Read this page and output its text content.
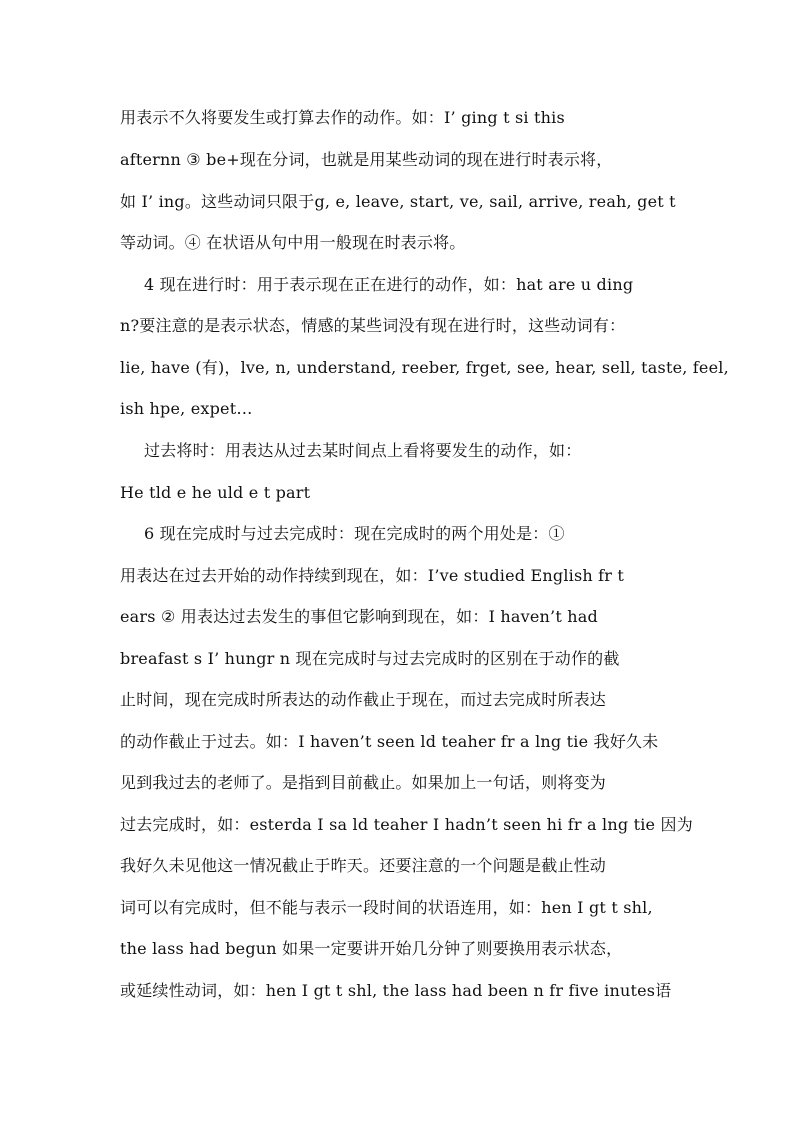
用表示不久将要发生或打算去作的动作。如：I’ ging t si this
afternn ③ be+现在分词，也就是用某些动词的现在进行时表示将，
如 I’ ing。这些动词只限于g, e, leave, start, ve, sail, arrive, reah, get t
等动词。④ 在状语从句中用一般现在时表示将。
4 现在进行时：用于表示现在正在进行的动作，如：hat are u ding
n?要注意的是表示状态，情感的某些词没有现在进行时，这些动词有：
lie, have (有)，lve, n, understand, reeber, frget, see, hear, sell, taste, feel,
ish hpe, expet…
过去将时：用表达从过去某时间点上看将要发生的动作，如：
He tld e he uld e t part
6 现在完成时与过去完成时：现在完成时的两个用处是：①
用表达在过去开始的动作持续到现在，如：I’ve studied English fr t
ears ② 用表达过去发生的事但它影响到现在，如：I haven’t had
breafast s I’ hungr n 现在完成时与过去完成时的区别在于动作的截
止时间，现在完成时所表达的动作截止于现在，而过去完成时所表达
的动作截止于过去。如：I haven’t seen ld teaher fr a lng tie 我好久未
见到我过去的老师了。是指到目前截止。如果加上一句话，则将变为
过去完成时，如：esterda I sa ld teaher I hadn’t seen hi fr a lng tie 因为
我好久未见他这一情况截止于昨天。还要注意的一个问题是截止性动
词可以有完成时，但不能与表示一段时间的状语连用，如：hen I gt t shl,
the lass had begun 如果一定要讲开始几分钟了则要换用表示状态，
或延续性动词，如：hen I gt t shl, the lass had been n fr five inutes语
